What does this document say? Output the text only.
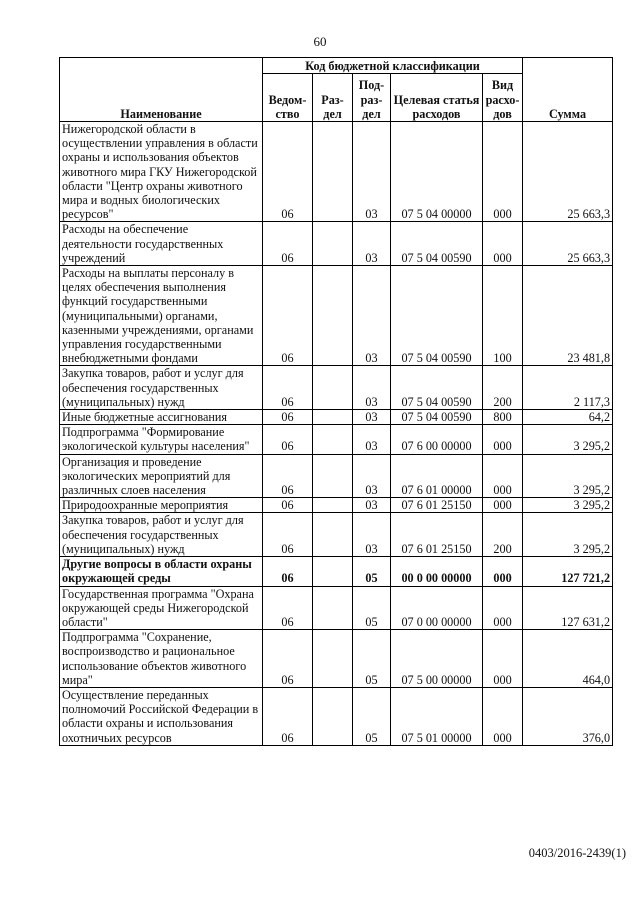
60
Наименование	Код бюджетной классификации					Сумма
	Ведом-ство	Раз-дел	Под-раз-дел	Целевая статья расходов	Вид расхо-дов	
Нижегородской области в осуществлении управления в области охраны и использования объектов животного мира ГКУ Нижегородской области "Центр охраны животного мира и водных биологических ресурсов"	06		03	07 5 04 00000	000	25 663,3
Расходы на обеспечение деятельности государственных учреждений	06		03	07 5 04 00590	000	25 663,3
Расходы на выплаты персоналу в целях обеспечения выполнения функций государственными (муниципальными) органами, казенными учреждениями, органами управления государственными внебюджетными фондами	06		03	07 5 04 00590	100	23 481,8
Закупка товаров, работ и услуг для обеспечения государственных (муниципальных) нужд	06		03	07 5 04 00590	200	2 117,3
Иные бюджетные ассигнования	06		03	07 5 04 00590	800	64,2
Подпрограмма "Формирование экологической культуры населения"	06		03	07 6 00 00000	000	3 295,2
Организация и проведение экологических мероприятий для различных слоев населения	06		03	07 6 01 00000	000	3 295,2
Природоохранные мероприятия	06		03	07 6 01 25150	000	3 295,2
Закупка товаров, работ и услуг для обеспечения государственных (муниципальных) нужд	06		03	07 6 01 25150	200	3 295,2
Другие вопросы в области охраны окружающей среды	06		05	00 0 00 00000	000	127 721,2
Государственная программа "Охрана окружающей среды Нижегородской области"	06		05	07 0 00 00000	000	127 631,2
Подпрограмма "Сохранение, воспроизводство и рациональное использование объектов животного мира"	06		05	07 5 00 00000	000	464,0
Осуществление переданных полномочий Российской Федерации в области охраны и использования охотничьих ресурсов	06		05	07 5 01 00000	000	376,0
0403/2016-2439(1)
